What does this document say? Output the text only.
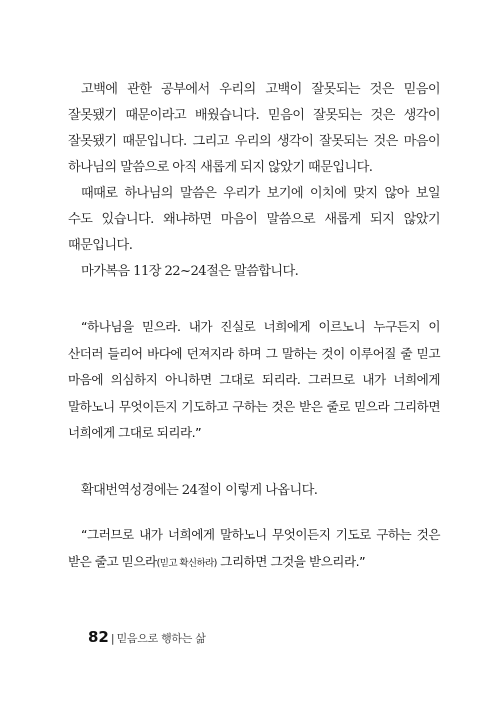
고백에 관한 공부에서 우리의 고백이 잘못되는 것은 믿음이 잘못됐기 때문이라고 배웠습니다. 믿음이 잘못되는 것은 생각이 잘못됐기 때문입니다. 그리고 우리의 생각이 잘못되는 것은 마음이 하나님의 말씀으로 아직 새롭게 되지 않았기 때문입니다.

때때로 하나님의 말씀은 우리가 보기에 이치에 맞지 않아 보일 수도 있습니다. 왜냐하면 마음이 말씀으로 새롭게 되지 않았기 때문입니다.

마가복음 11장 22~24절은 말씀합니다.

“하나님을 믿으라. 내가 진실로 너희에게 이르노니 누구든지 이 산더러 들리어 바다에 던져지라 하며 그 말하는 것이 이루어질 줄 믿고 마음에 의심하지 아니하면 그대로 되리라. 그러므로 내가 너희에게 말하노니 무엇이든지 기도하고 구하는 것은 받은 줄로 믿으라 그리하면 너희에게 그대로 되리라.”

확대번역성경에는 24절이 이렇게 나옵니다.

“그러므로 내가 너희에게 말하노니 무엇이든지 기도로 구하는 것은 받은 줄고 믿으라(믿고 확신하라) 그리하면 그것을 받으리라.”

82 | 믿음으로 행하는 삶
